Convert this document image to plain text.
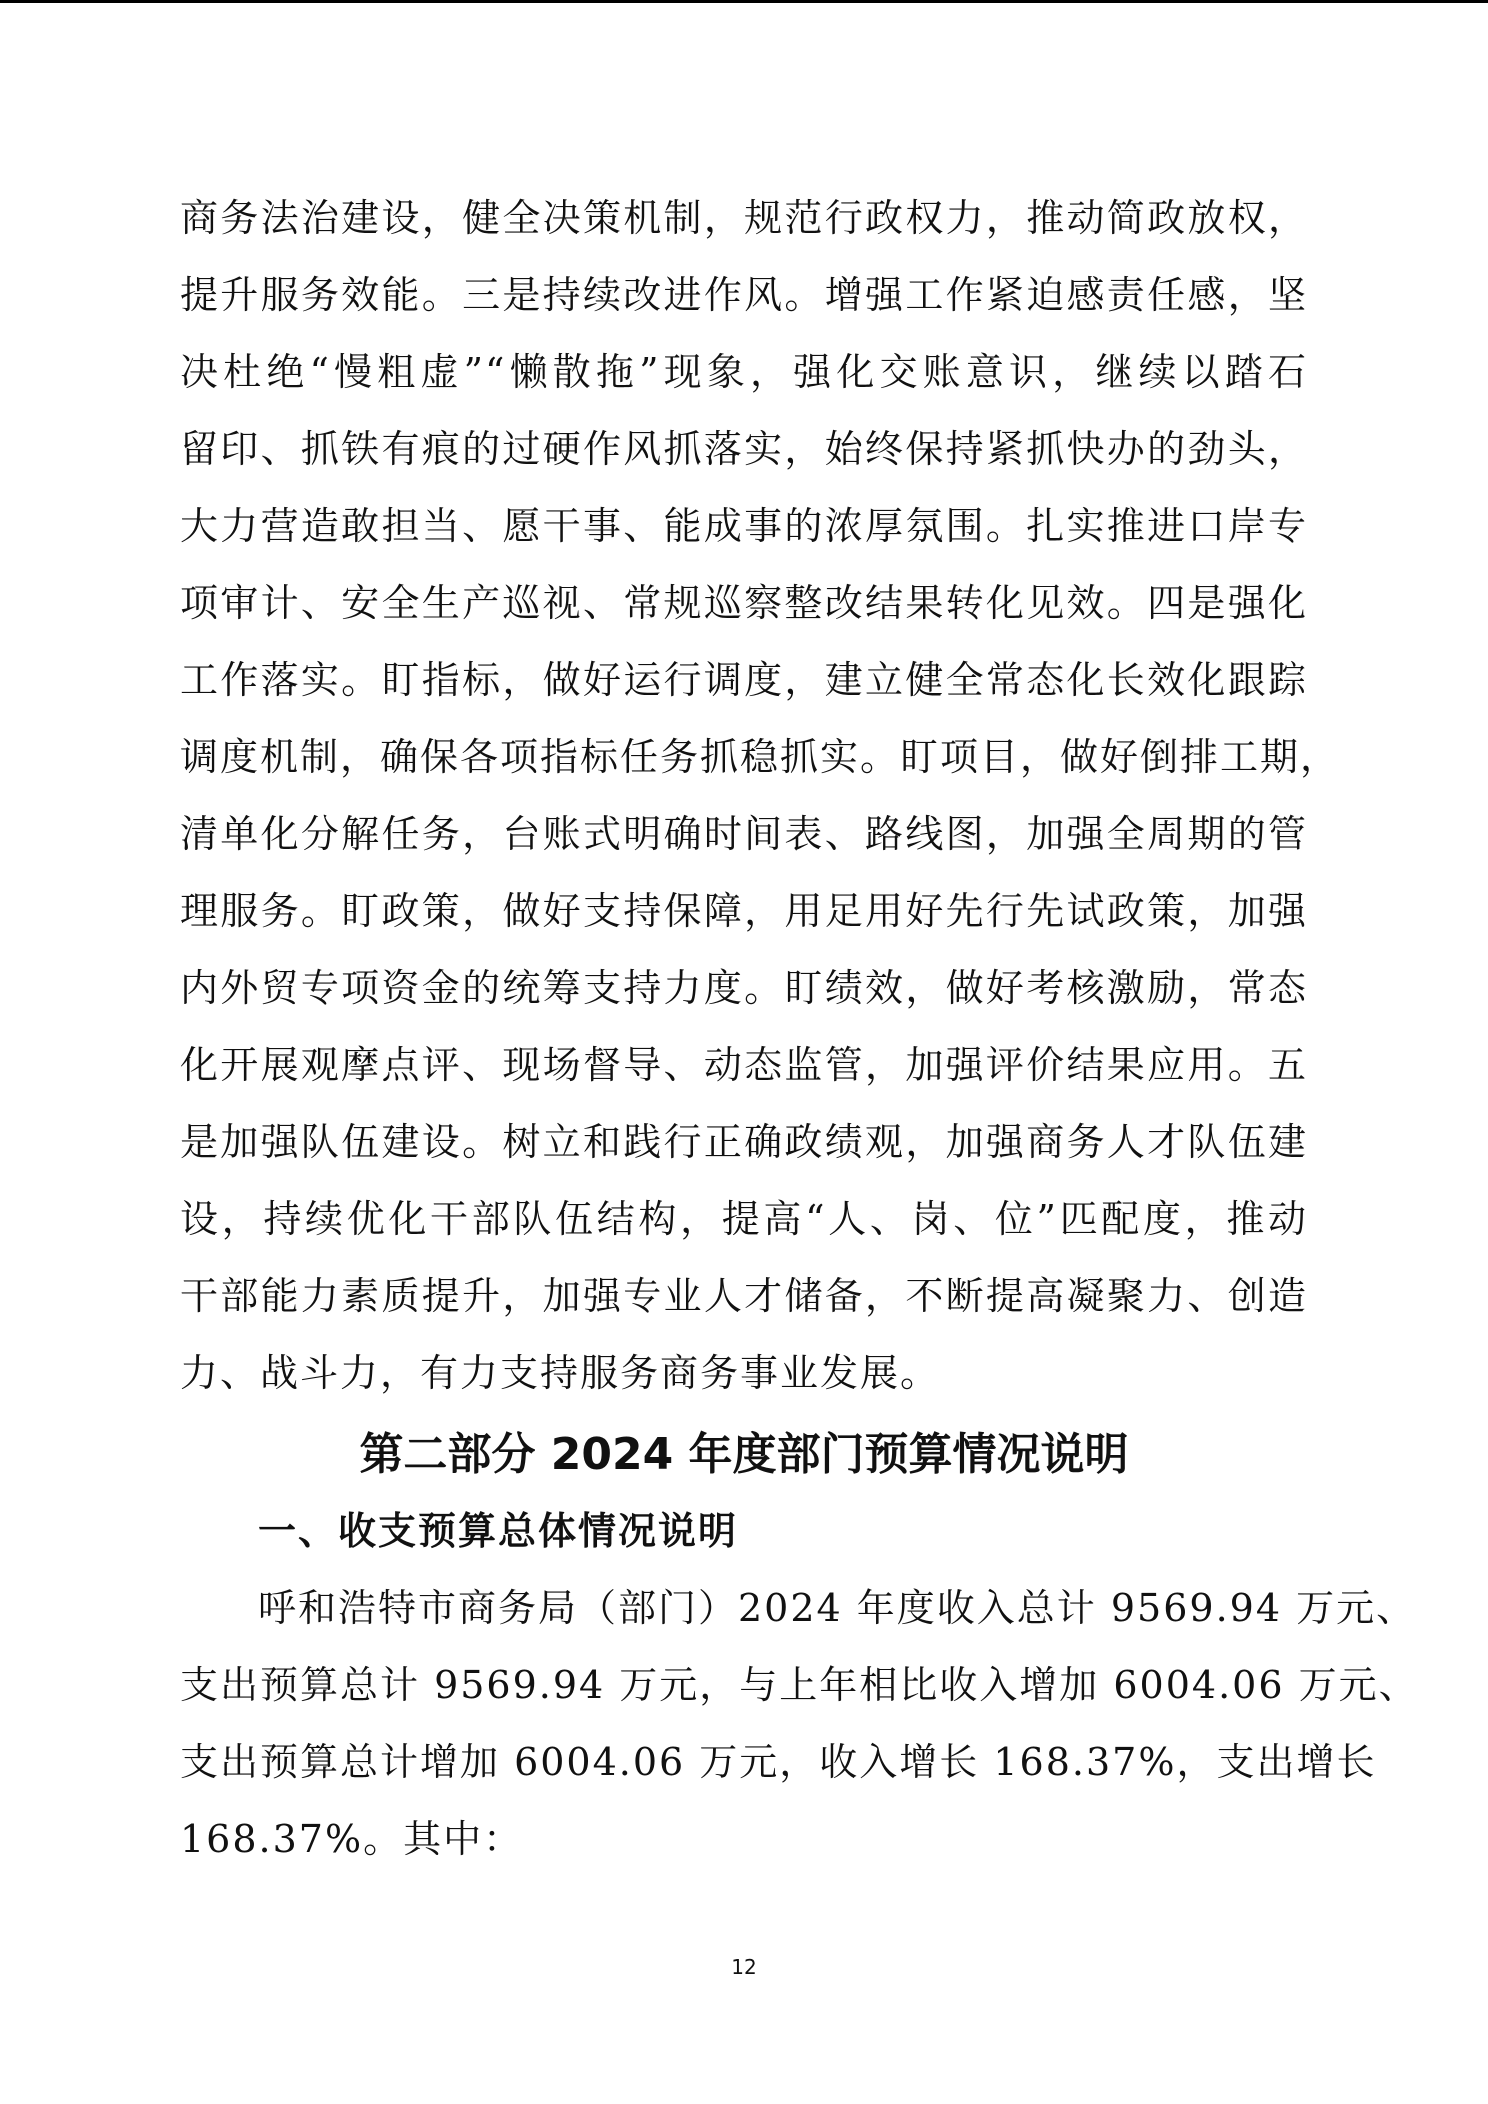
商务法治建设，健全决策机制，规范行政权力，推动简政放权，
提升服务效能。三是持续改进作风。增强工作紧迫感责任感，坚
决杜绝“慢粗虚”“懒散拖”现象，强化交账意识，继续以踏石
留印、抓铁有痕的过硬作风抓落实，始终保持紧抓快办的劲头，
大力营造敢担当、愿干事、能成事的浓厚氛围。扎实推进口岸专
项审计、安全生产巡视、常规巡察整改结果转化见效。四是强化
工作落实。盯指标，做好运行调度，建立健全常态化长效化跟踪
调度机制，确保各项指标任务抓稳抓实。盯项目，做好倒排工期，
清单化分解任务，台账式明确时间表、路线图，加强全周期的管
理服务。盯政策，做好支持保障，用足用好先行先试政策，加强
内外贸专项资金的统筹支持力度。盯绩效，做好考核激励，常态
化开展观摩点评、现场督导、动态监管，加强评价结果应用。五
是加强队伍建设。树立和践行正确政绩观，加强商务人才队伍建
设，持续优化干部队伍结构，提高“人、岗、位”匹配度，推动
干部能力素质提升，加强专业人才储备，不断提高凝聚力、创造
力、战斗力，有力支持服务商务事业发展。
第二部分 2024 年度部门预算情况说明
一、收支预算总体情况说明
呼和浩特市商务局（部门）2024 年度收入总计 9569.94 万元、
支出预算总计 9569.94 万元，与上年相比收入增加 6004.06 万元、
支出预算总计增加 6004.06 万元，收入增长 168.37%，支出增长
168.37%。其中：
12
